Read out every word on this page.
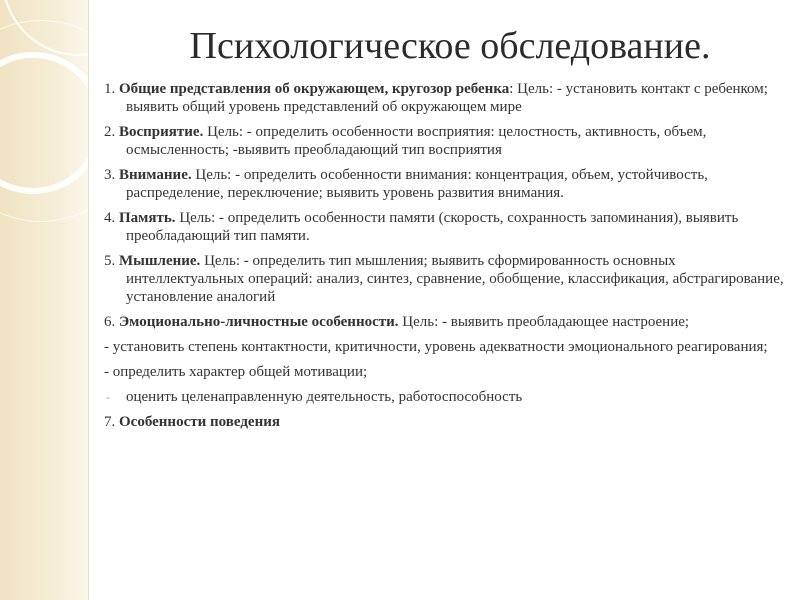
Психологическое обследование.

1. Общие представления об окружающем, кругозор ребенка: Цель: - установить контакт с ребенком; выявить общий уровень представлений об окружающем мире

2. Восприятие. Цель: - определить особенности восприятия: целостность, активность, объем, осмысленность; -выявить преобладающий тип восприятия

3. Внимание. Цель: - определить особенности внимания: концентрация, объем, устойчивость, распределение, переключение; выявить уровень развития внимания.

4. Память. Цель: - определить особенности памяти (скорость, сохранность запоминания), выявить преобладающий тип памяти.

5. Мышление. Цель: - определить тип мышления; выявить сформированность основных интеллектуальных операций: анализ, синтез, сравнение, обобщение, классификация, абстрагирование, установление аналогий

6. Эмоционально-личностные особенности. Цель: - выявить преобладающее настроение;

- установить степень контактности, критичности, уровень адекватности эмоционального реагирования;

- определить характер общей мотивации;

- оценить целенаправленную деятельность, работоспособность

7. Особенности поведения
